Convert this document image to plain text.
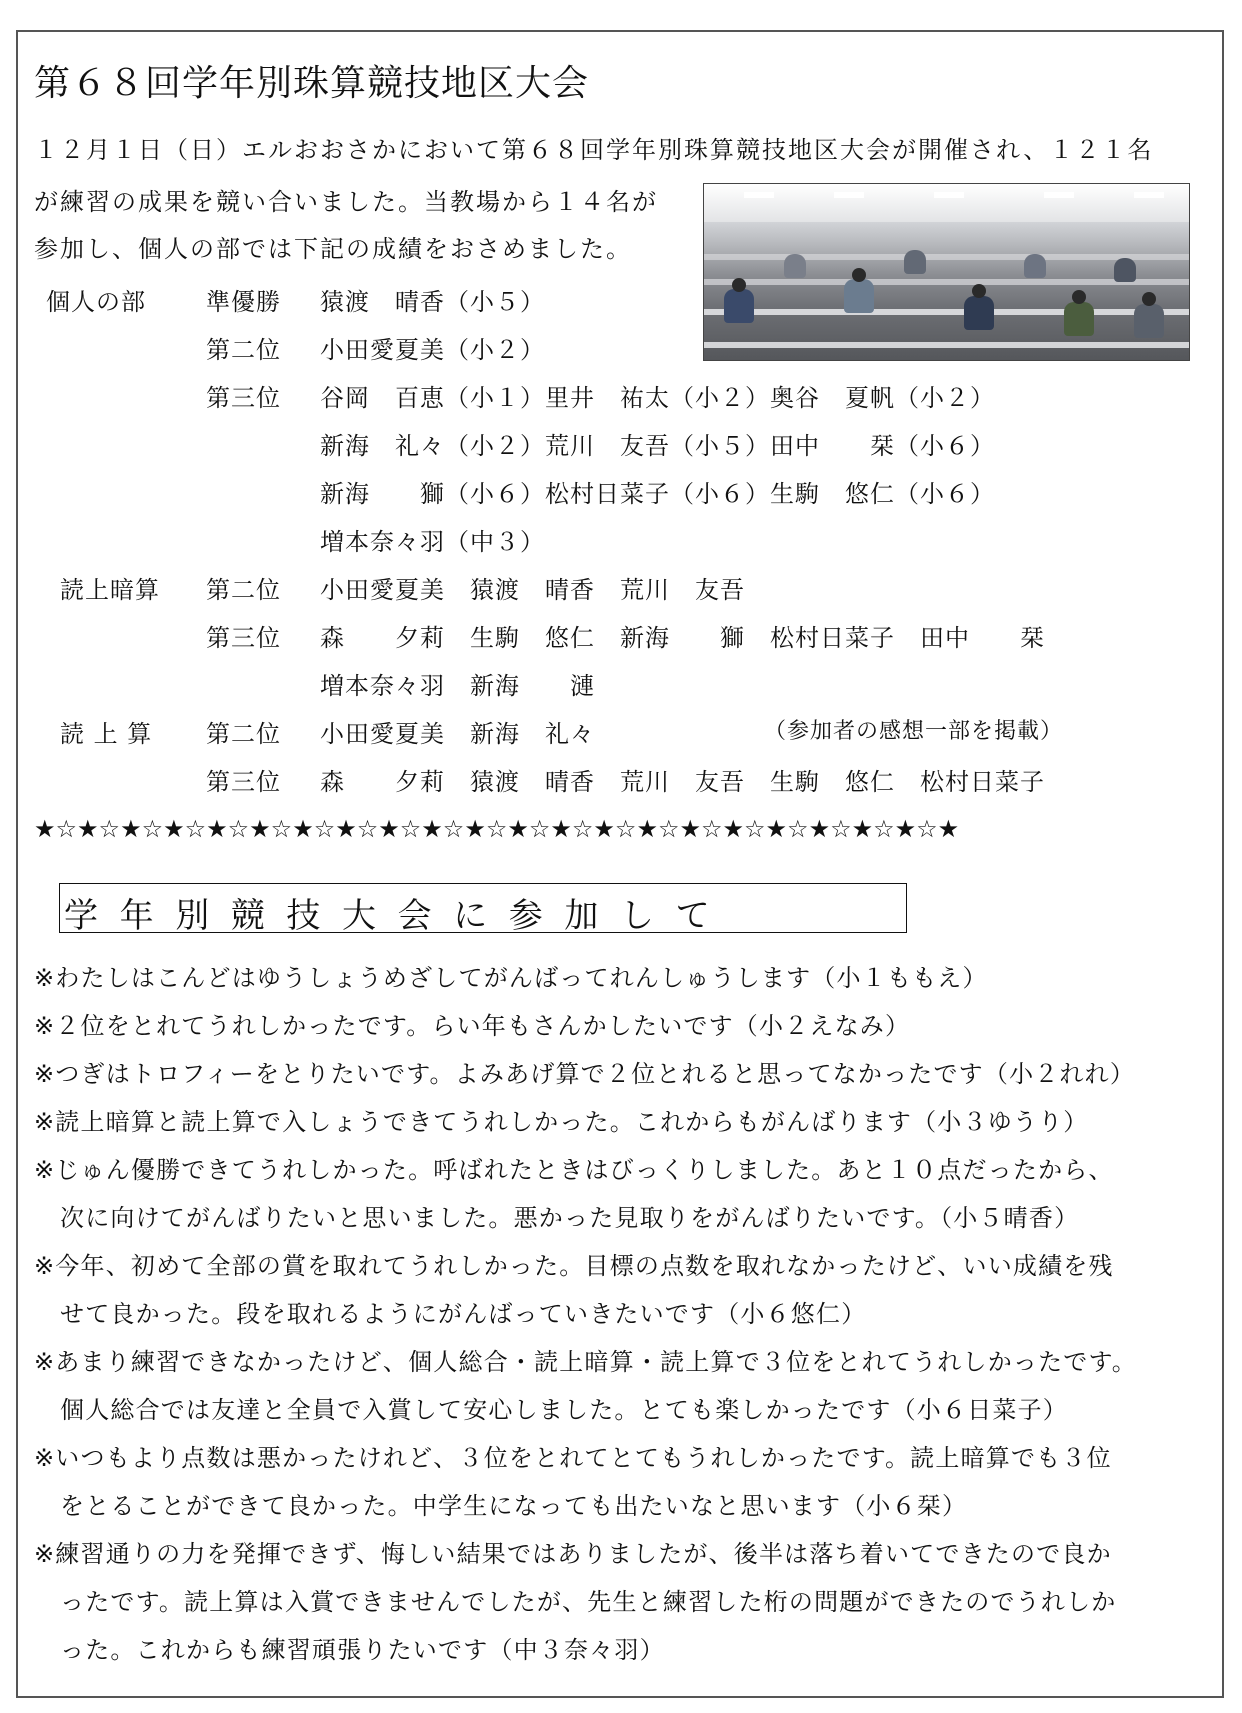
第６８回学年別珠算競技地区大会
１２月１日（日）エルおおさかにおいて第６８回学年別珠算競技地区大会が開催され、１２１名
が練習の成果を競い合いました。当教場から１４名が
参加し、個人の部では下記の成績をおさめました。
個人の部	準優勝 猿渡　晴香（小５）
第二位 小田愛夏美（小２）
第三位 谷岡　百恵（小１）里井　祐太（小２）奥谷　夏帆（小２）
新海　礼々（小２）荒川　友吾（小５）田中　　栞（小６）
新海　　獅（小６）松村日菜子（小６）生駒　悠仁（小６）
増本奈々羽（中３）
読上暗算 第二位 小田愛夏美　猿渡　晴香　荒川　友吾
第三位 森　　夕莉　生駒　悠仁　新海　　獅　松村日菜子　田中　　栞
増本奈々羽　新海　　漣
読 上 算 第二位 小田愛夏美　新海　礼々	（参加者の感想一部を掲載）
第三位 森　　夕莉　猿渡　晴香　荒川　友吾　生駒　悠仁　松村日菜子
★☆★☆★☆★☆★☆★☆★☆★☆★☆★☆★☆★☆★☆★☆★☆★☆★☆★☆★☆★☆★☆★
学年別競技大会に参加して
※わたしはこんどはゆうしょうめざしてがんばってれんしゅうします（小１ももえ）
※２位をとれてうれしかったです。らい年もさんかしたいです（小２えなみ）
※つぎはトロフィーをとりたいです。よみあげ算で２位とれると思ってなかったです（小２れれ）
※読上暗算と読上算で入しょうできてうれしかった。これからもがんばります（小３ゆうり）
※じゅん優勝できてうれしかった。呼ばれたときはびっくりしました。あと１０点だったから、
次に向けてがんばりたいと思いました。悪かった見取りをがんばりたいです。（小５晴香）
※今年、初めて全部の賞を取れてうれしかった。目標の点数を取れなかったけど、いい成績を残
せて良かった。段を取れるようにがんばっていきたいです（小６悠仁）
※あまり練習できなかったけど、個人総合・読上暗算・読上算で３位をとれてうれしかったです。
個人総合では友達と全員で入賞して安心しました。とても楽しかったです（小６日菜子）
※いつもより点数は悪かったけれど、３位をとれてとてもうれしかったです。読上暗算でも３位
をとることができて良かった。中学生になっても出たいなと思います（小６栞）
※練習通りの力を発揮できず、悔しい結果ではありましたが、後半は落ち着いてできたので良か
ったです。読上算は入賞できませんでしたが、先生と練習した桁の問題ができたのでうれしか
った。これからも練習頑張りたいです（中３奈々羽）
